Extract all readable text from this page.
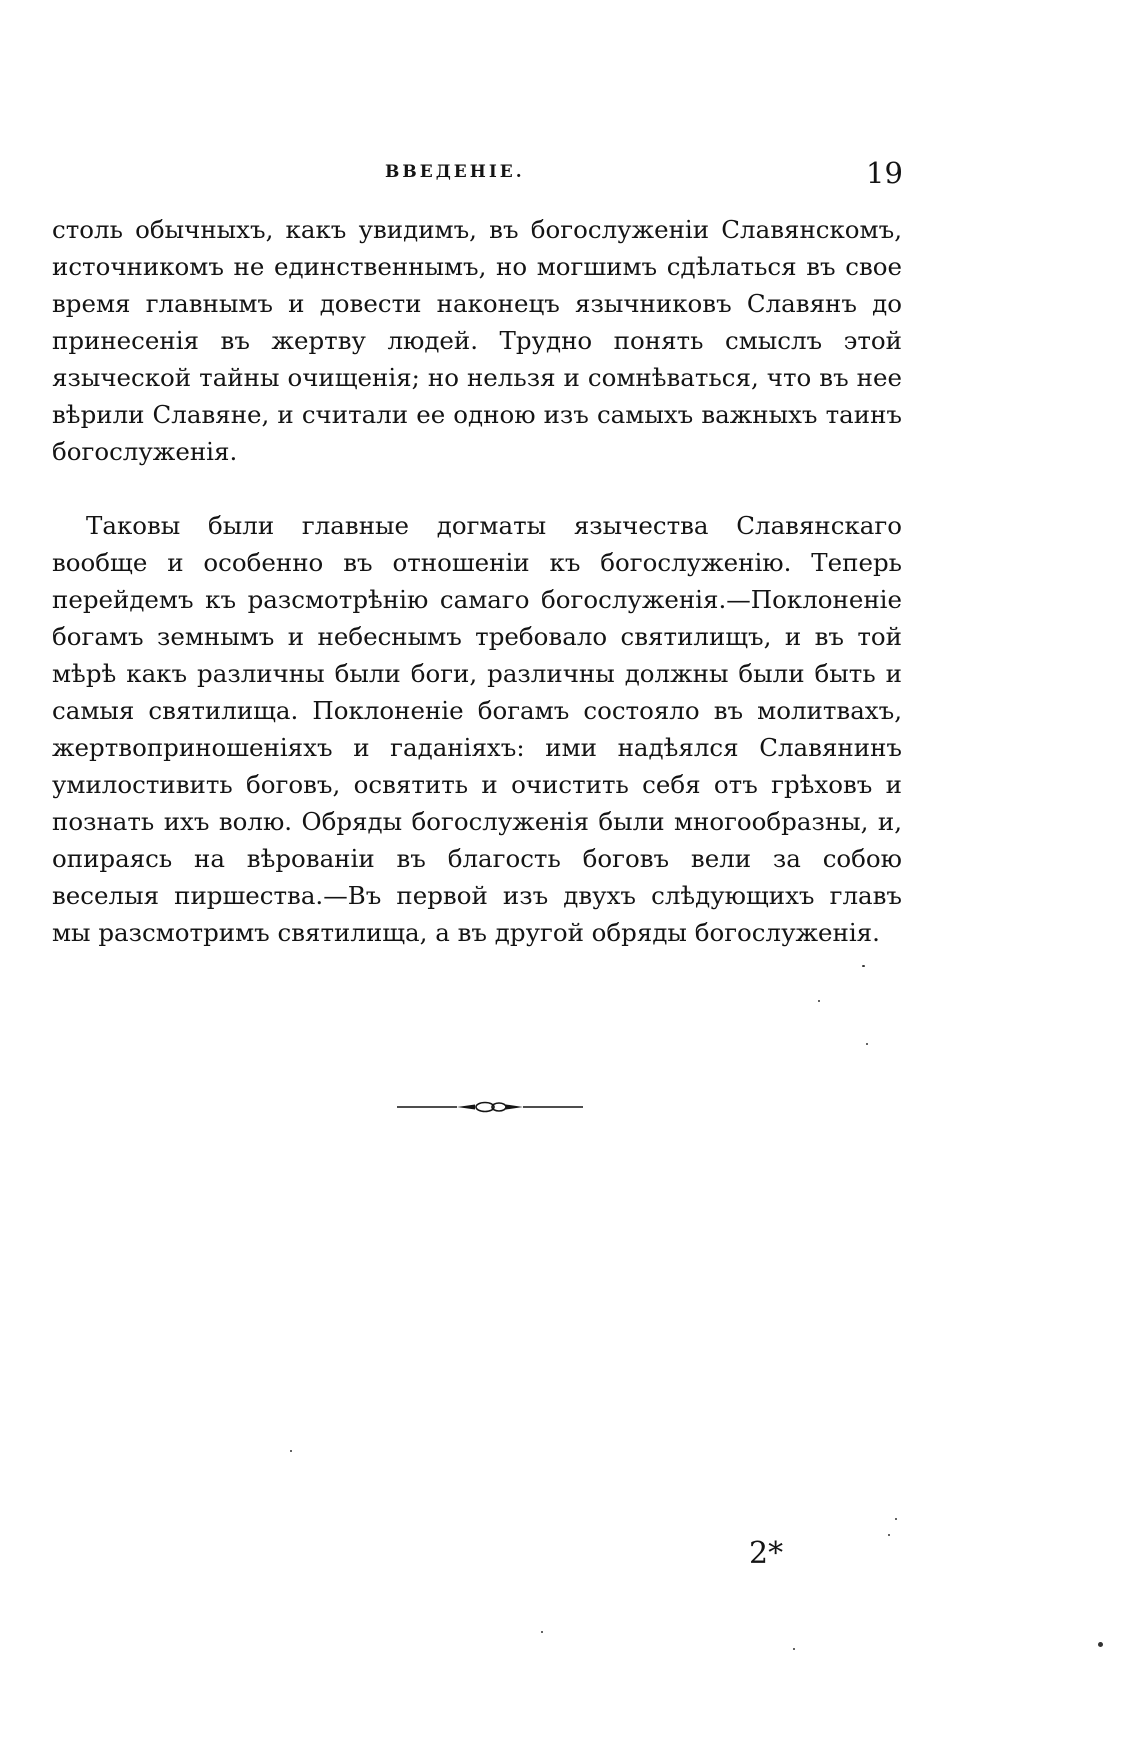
ВВЕДЕНІЕ.	19

столь обычныхъ, какъ увидимъ, въ богослуженіи Славянскомъ, источникомъ не единственнымъ, но могшимъ сдѣлаться въ свое время главнымъ и довести наконецъ язычниковъ Славянъ до принесенія въ жертву людей. Трудно понять смыслъ этой языческой тайны очищенія; но нельзя и сомнѣваться, что въ нее вѣрили Славяне, и считали ее одною изъ самыхъ важныхъ таинъ богослуженія.

Таковы были главные догматы язычества Славянскаго вообще и особенно въ отношеніи къ богослуженію. Теперь перейдемъ къ разсмотрѣнію самаго богослуженія.—Поклоненіе богамъ земнымъ и небеснымъ требовало святилищъ, и въ той мѣрѣ какъ различны были боги, различны должны были быть и самыя святилища. Поклоненіе богамъ состояло въ молитвахъ, жертвоприношеніяхъ и гаданіяхъ: ими надѣялся Славянинъ умилостивить боговъ, освятить и очистить себя отъ грѣховъ и познать ихъ волю. Обряды богослуженія были многообразны, и, опираясь на вѣрованіи въ благость боговъ вели за собою веселыя пиршества.—Въ первой изъ двухъ слѣдующихъ главъ мы разсмотримъ святилища, а въ другой обряды богослуженія.

2*
